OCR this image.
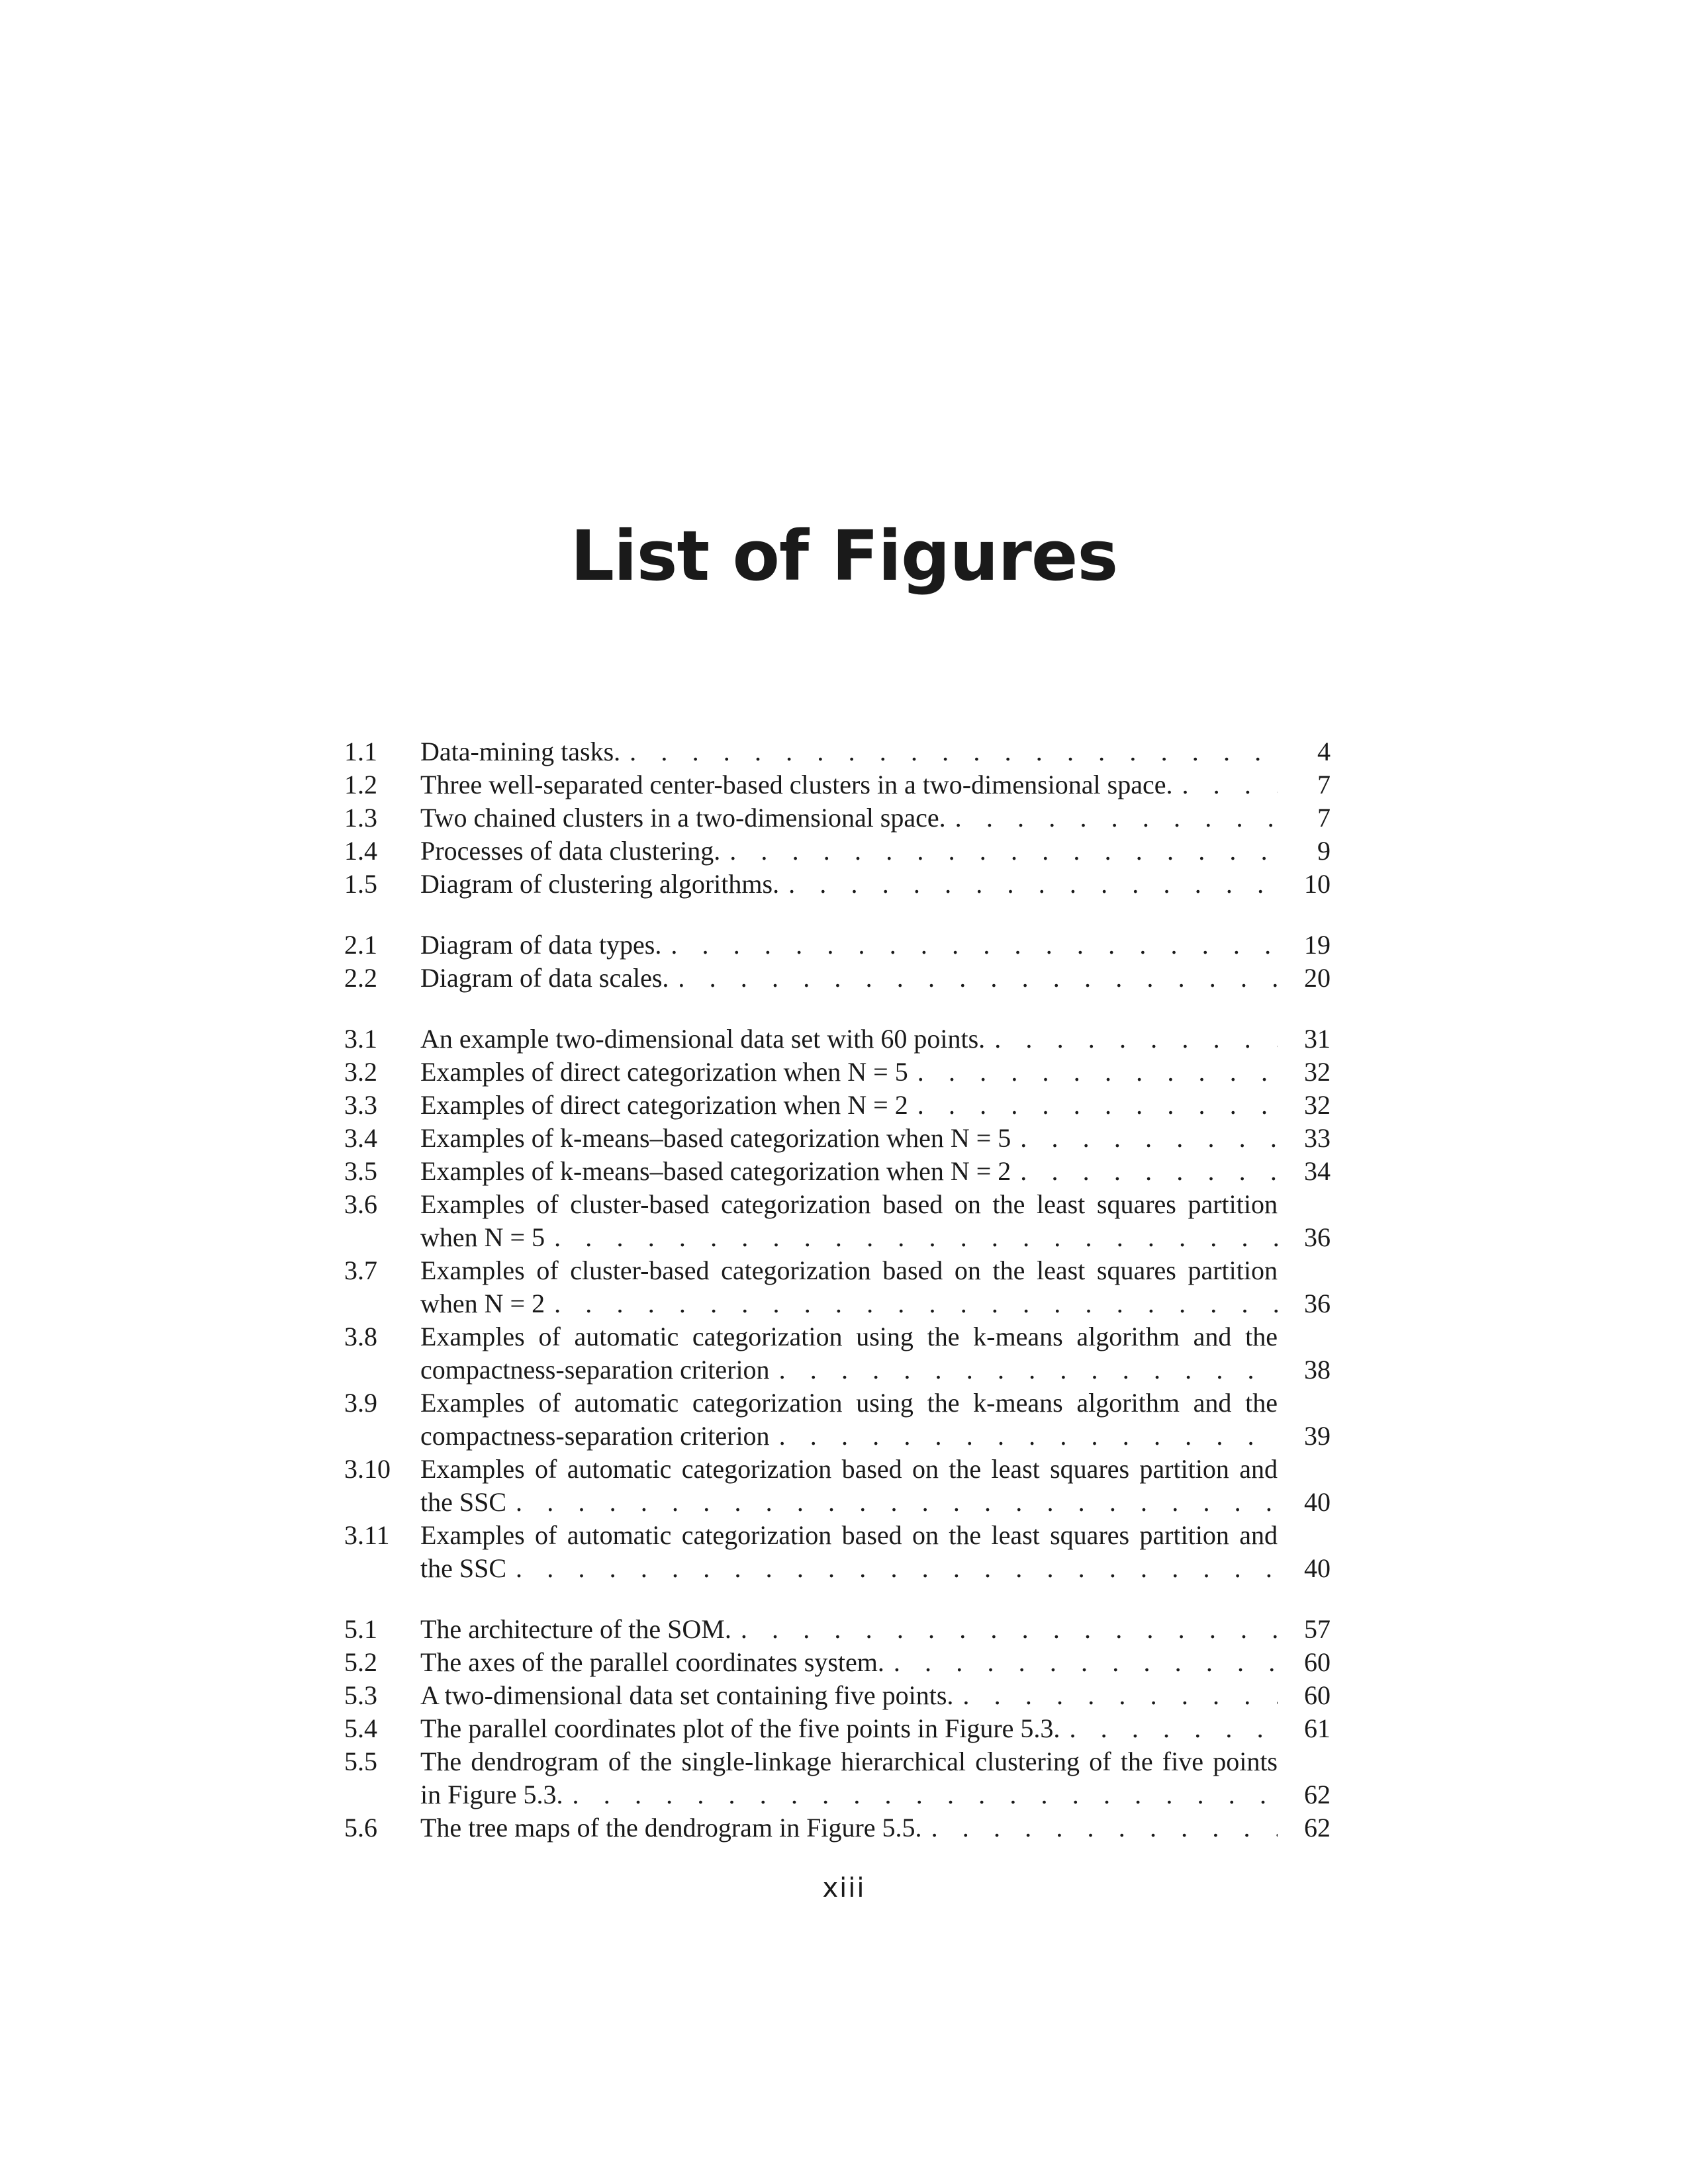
List of Figures
1.1	Data-mining tasks. . . .	4
1.2	Three well-separated center-based clusters in a two-dimensional space. . . .	7
1.3	Two chained clusters in a two-dimensional space. . . .	7
1.4	Processes of data clustering. . . .	9
1.5	Diagram of clustering algorithms. . . .	10
2.1	Diagram of data types. . . .	19
2.2	Diagram of data scales. . . .	20
3.1	An example two-dimensional data set with 60 points. . . .	31
3.2	Examples of direct categorization when N = 5 . . .	32
3.3	Examples of direct categorization when N = 2 . . .	32
3.4	Examples of k-means–based categorization when N = 5 . . .	33
3.5	Examples of k-means–based categorization when N = 2 . . .	34
3.6	Examples of cluster-based categorization based on the least squares partition
when N = 5 . . .	36
3.7	Examples of cluster-based categorization based on the least squares partition
when N = 2 . . .	36
3.8	Examples of automatic categorization using the k-means algorithm and the
compactness-separation criterion . . .	38
3.9	Examples of automatic categorization using the k-means algorithm and the
compactness-separation criterion . . .	39
3.10	Examples of automatic categorization based on the least squares partition and
the SSC . . .	40
3.11	Examples of automatic categorization based on the least squares partition and
the SSC . . .	40
5.1	The architecture of the SOM. . . .	57
5.2	The axes of the parallel coordinates system. . . .	60
5.3	A two-dimensional data set containing five points. . . .	60
5.4	The parallel coordinates plot of the five points in Figure 5.3. . . .	61
5.5	The dendrogram of the single-linkage hierarchical clustering of the five points
in Figure 5.3. . . .	62
5.6	The tree maps of the dendrogram in Figure 5.5. . . .	62
xiii
